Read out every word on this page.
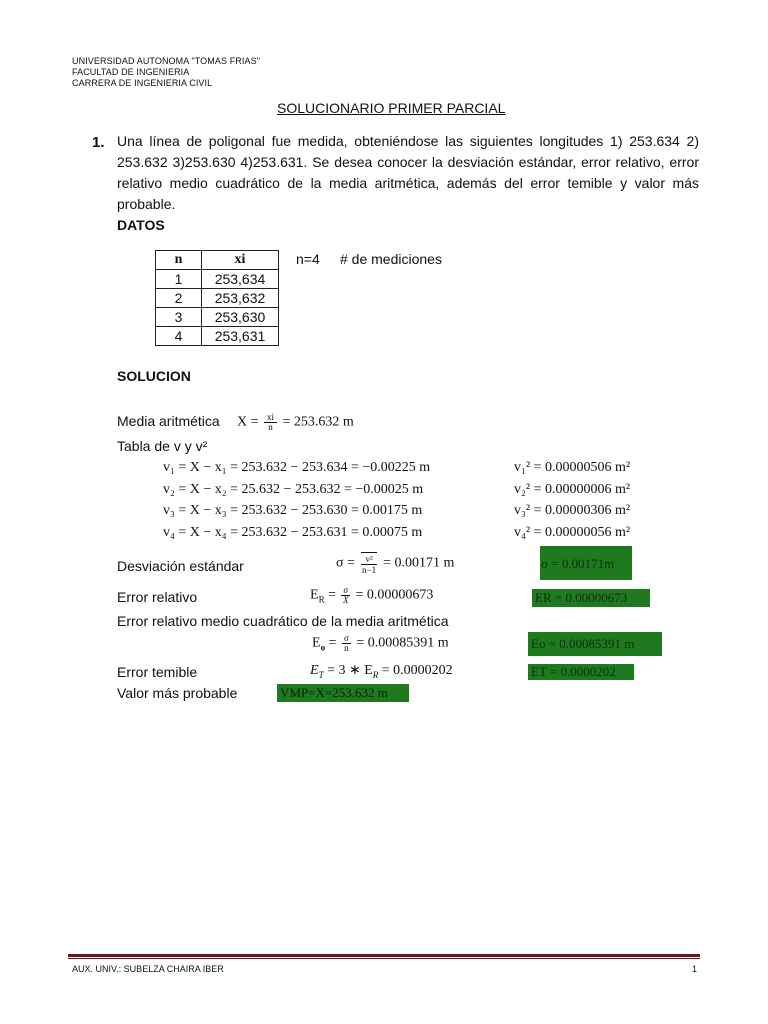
UNIVERSIDAD AUTONOMA "TOMAS FRIAS"
FACULTAD DE INGENIERIA
CARRERA DE INGENIERIA CIVIL
SOLUCIONARIO PRIMER PARCIAL
1. Una línea de poligonal fue medida, obteniéndose las siguientes longitudes 1) 253.634 2) 253.632 3)253.630 4)253.631. Se desea conocer la desviación estándar, error relativo, error relativo medio cuadrático de la media aritmética, además del error temible y valor más probable.
DATOS
n	xi
1	253,634
2	253,632
3	253,630
4	253,631
n=4 # de mediciones
SOLUCION
Media aritmética $X = \frac{xi}{n} = 253.632$ m
Tabla de v y v²
v₁ = X − x₁ = 253.632 − 253.634 = −0.00225 m	v₁² = 0.00000506 m²
v₂ = X − x₂ = 25.632 − 253.632 = −0.00025 m	v₂² = 0.00000006 m²
v₃ = X − x₃ = 253.632 − 253.630 = 0.00175 m	v₃² = 0.00000306 m²
v₄ = X − x₄ = 253.632 − 253.631 = 0.00075 m	v₄² = 0.00000056 m²
Desviación estándar	$\sigma = \frac{\text{v²}}{n-1} = 0.00171$ m	σ = 0.00171m
Error relativo	$E_R = \frac{\sigma}{X} = 0.00000673$	ER = 0.00000673
Error relativo medio cuadrático de la media aritmética
$E_o = \frac{\sigma}{n} = 0.00085391$ m	Eo = 0.00085391 m
Error temible	$E_T = 3$ ∗ $E_R = 0.0000202$	ET = 0.0000202
Valor más probable	VMP=X=253.632 m
AUX. UNIV.: SUBELZA CHAIRA IBER	1
